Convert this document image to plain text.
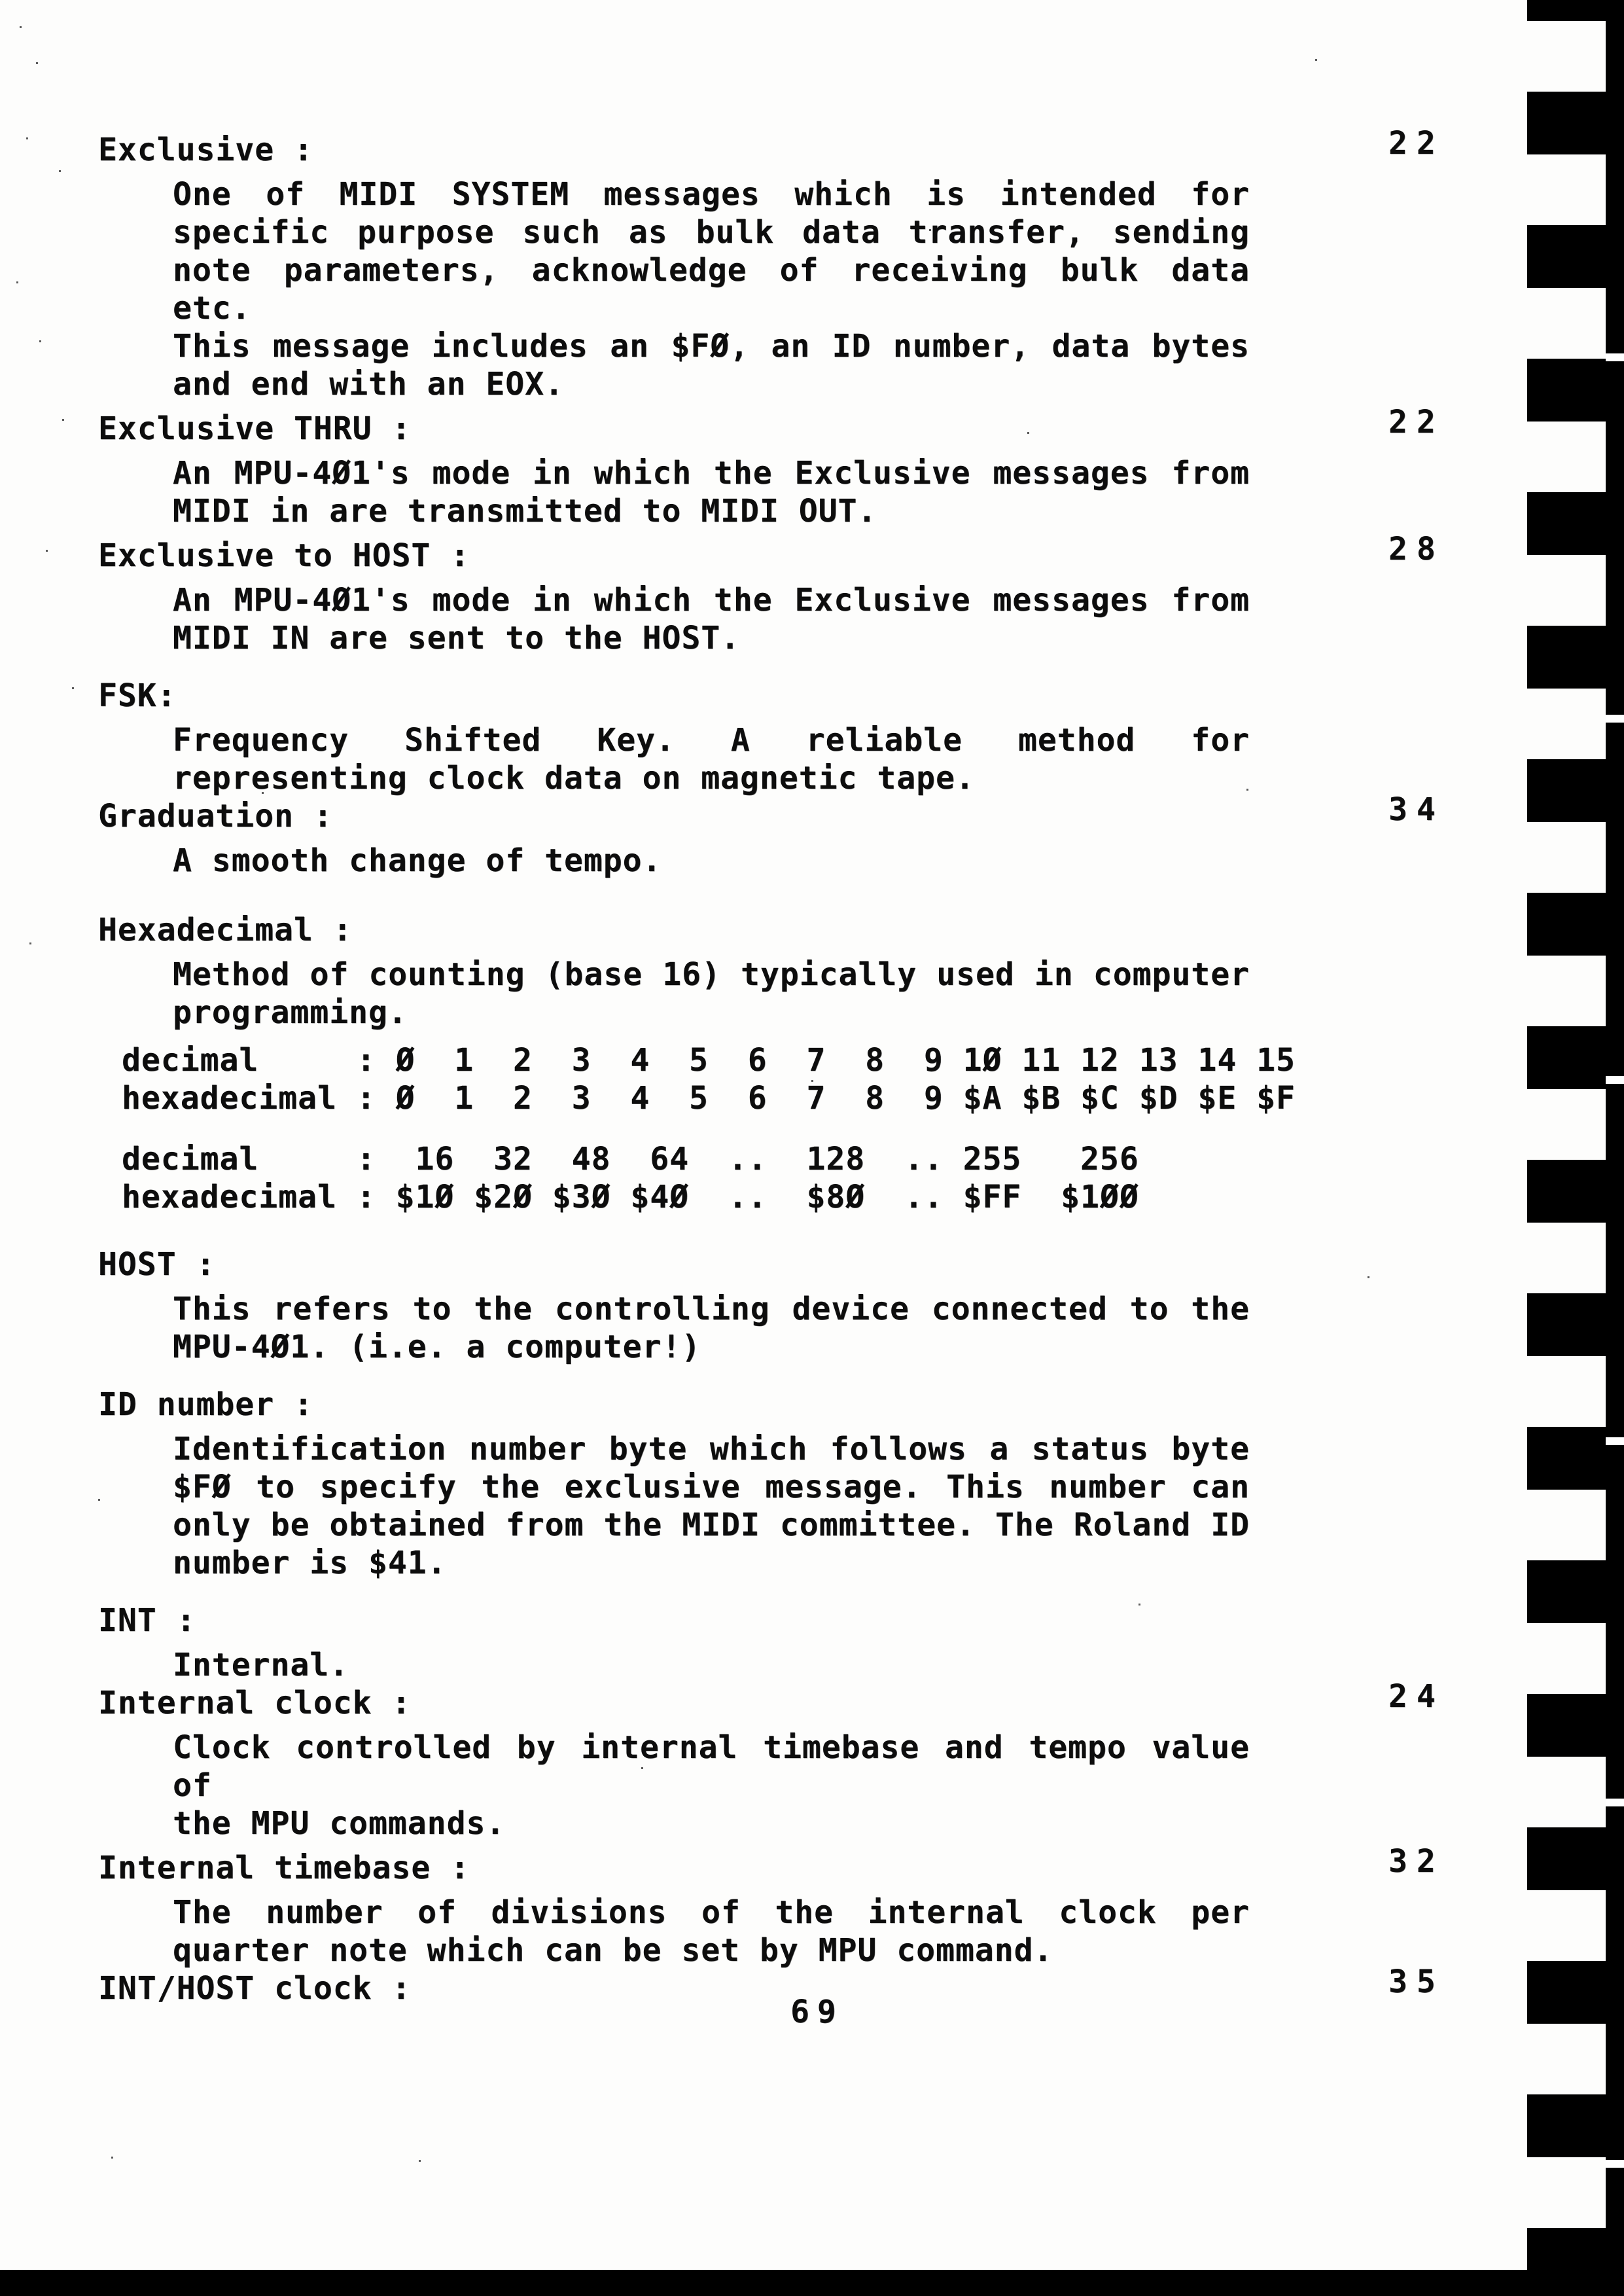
Exclusive :	22
One of MIDI SYSTEM messages which is intended for
specific purpose such as bulk data transfer, sending
note parameters, acknowledge of receiving bulk data etc.
This message includes an $FØ, an ID number, data bytes
and end with an EOX.
Exclusive THRU :	22
An MPU-4Ø1's mode in which the Exclusive messages from
MIDI in are transmitted to MIDI OUT.
Exclusive to HOST :	28
An MPU-4Ø1's mode in which the Exclusive messages from
MIDI IN are sent to the HOST.
FSK:
Frequency Shifted Key. A reliable method for
representing clock data on magnetic tape.
Graduation :	34
A smooth change of tempo.
Hexadecimal :
Method of counting (base 16) typically used in computer
programming.
decimal     : Ø  1  2  3  4  5  6  7  8  9 1Ø 11 12 13 14 15
hexadecimal : Ø  1  2  3  4  5  6  7  8  9 $A $B $C $D $E $F
decimal     :  16  32  48  64  ..  128  .. 255   256
hexadecimal : $1Ø $2Ø $3Ø $4Ø  ..  $8Ø  .. $FF  $1ØØ
HOST :
This refers to the controlling device connected to the
MPU-4Ø1. (i.e. a computer!)
ID number :
Identification number byte which follows a status byte
$FØ to specify the exclusive message. This number can
only be obtained from the MIDI committee. The Roland ID
number is $41.
INT :
Internal.
Internal clock :	24
Clock controlled by internal timebase and tempo value of
the MPU commands.
Internal timebase :	32
The number of divisions of the internal clock per
quarter note which can be set by MPU command.
INT/HOST clock :	35
69
